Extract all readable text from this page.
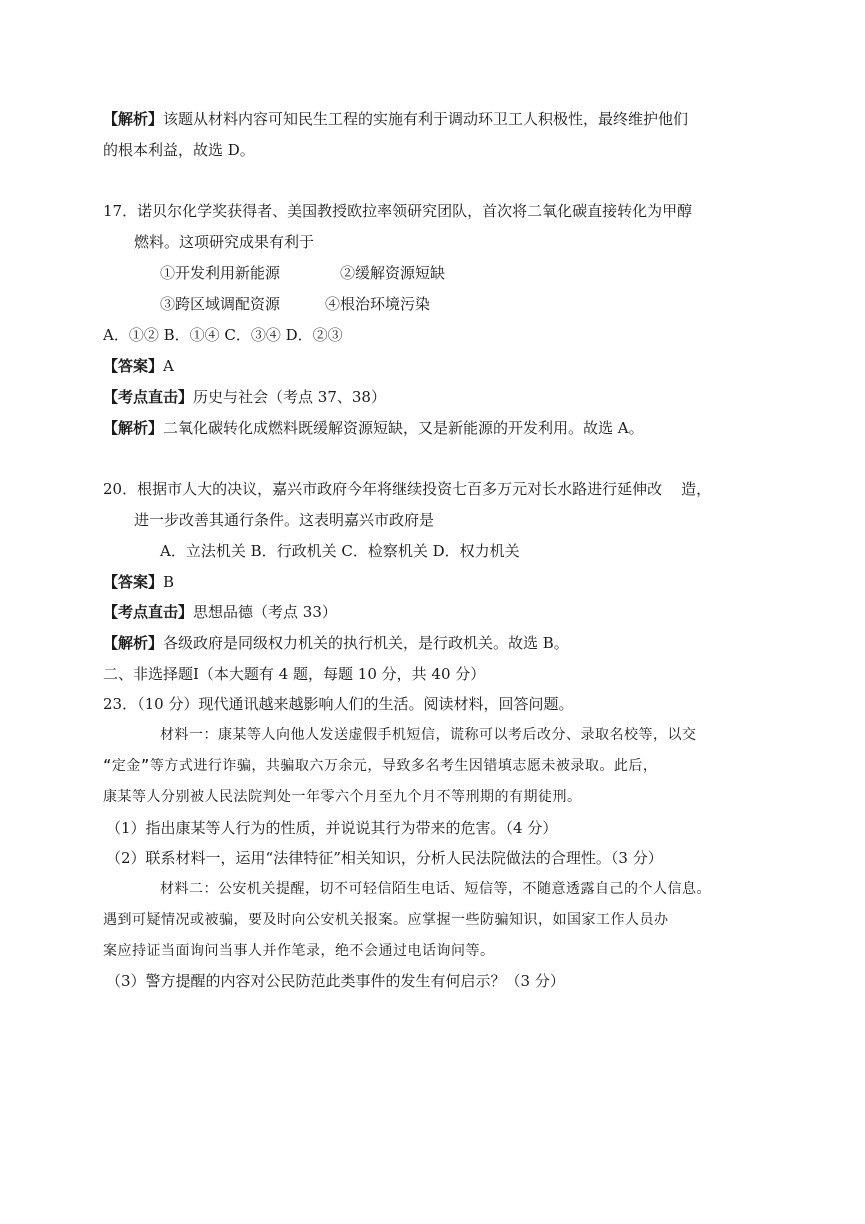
【解析】该题从材料内容可知民生工程的实施有利于调动环卫工人积极性，最终维护他们
的根本利益，故选 D。
17．诺贝尔化学奖获得者、美国教授欧拉率领研究团队，首次将二氧化碳直接转化为甲醇
燃料。这项研究成果有利于
①开发利用新能源	②缓解资源短缺
③跨区域调配资源	④根治环境污染
A．①② B．①④ C．③④ D．②③
【答案】A
【考点直击】历史与社会（考点 37、38）
【解析】二氧化碳转化成燃料既缓解资源短缺，又是新能源的开发利用。故选 A。
20．根据市人大的决议，嘉兴市政府今年将继续投资七百多万元对长水路进行延伸改    造，
进一步改善其通行条件。这表明嘉兴市政府是
A．立法机关 B．行政机关 C．检察机关 D．权力机关
【答案】B
【考点直击】思想品德（考点 33）
【解析】各级政府是同级权力机关的执行机关，是行政机关。故选 B。
二、非选择题Ⅰ（本大题有 4 题，每题 10 分，共 40 分）
23．（10 分）现代通讯越来越影响人们的生活。阅读材料，回答问题。
材料一：康某等人向他人发送虚假手机短信，谎称可以考后改分、录取名校等，以交
“定金”等方式进行诈骗，共骗取六万余元，导致多名考生因错填志愿未被录取。此后，
康某等人分别被人民法院判处一年零六个月至九个月不等刑期的有期徒刑。
（1）指出康某等人行为的性质，并说说其行为带来的危害。（4 分）
（2）联系材料一，运用“法律特征”相关知识，分析人民法院做法的合理性。（3 分）
材料二：公安机关提醒，切不可轻信陌生电话、短信等，不随意透露自己的个人信息。
遇到可疑情况或被骗，要及时向公安机关报案。应掌握一些防骗知识，如国家工作人员办
案应持证当面询问当事人并作笔录，绝不会通过电话询问等。
（3）警方提醒的内容对公民防范此类事件的发生有何启示？（3 分）
